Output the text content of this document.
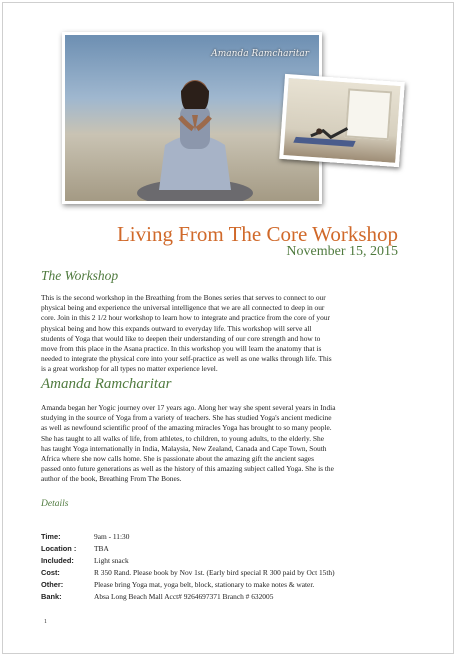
Amanda Ramcharitar
Living From The Core Workshop
November 15, 2015
The Workshop
This is the second workshop in the Breathing from the Bones series that serves to connect to our
physical being and experience the universal intelligence that we are all connected to deep in our
core. Join in this 2 1/2 hour workshop to learn how to integrate and practice from the core of your
physical being and how this expands outward to everyday life. This workshop will serve all
students of Yoga that would like to deepen their understanding of our core strength and how to
move from this place in the Asana practice. In this workshop you will learn the anatomy that is
needed to integrate the physical core into your self-practice as well as one walks through life. This
is a great workshop for all types no matter experience level.
Amanda Ramcharitar
Amanda began her Yogic journey over 17 years ago. Along her way she spent several years in India
studying in the source of Yoga from a variety of teachers. She has studied Yoga's ancient medicine
as well as newfound scientific proof of the amazing miracles Yoga has brought to so many people.
She has taught to all walks of life, from athletes, to children, to young adults, to the elderly. She
has taught Yoga internationally in India, Malaysia, New Zealand, Canada and Cape Town, South
Africa where she now calls home. She is passionate about the amazing gift the ancient sages
passed onto future generations as well as the history of this amazing subject called Yoga. She is the
author of the book, Breathing From The Bones.
Details
Time:	9am - 11:30
Location : TBA
Included:	Light snack
Cost:	R 350 Rand. Please book by Nov 1st. (Early bird special R 300 paid by Oct 15th)
Other:	Please bring Yoga mat, yoga belt, block, stationary to make notes & water.
Bank:	Absa Long Beach Mall Acct# 9264697371 Branch # 632005
1
